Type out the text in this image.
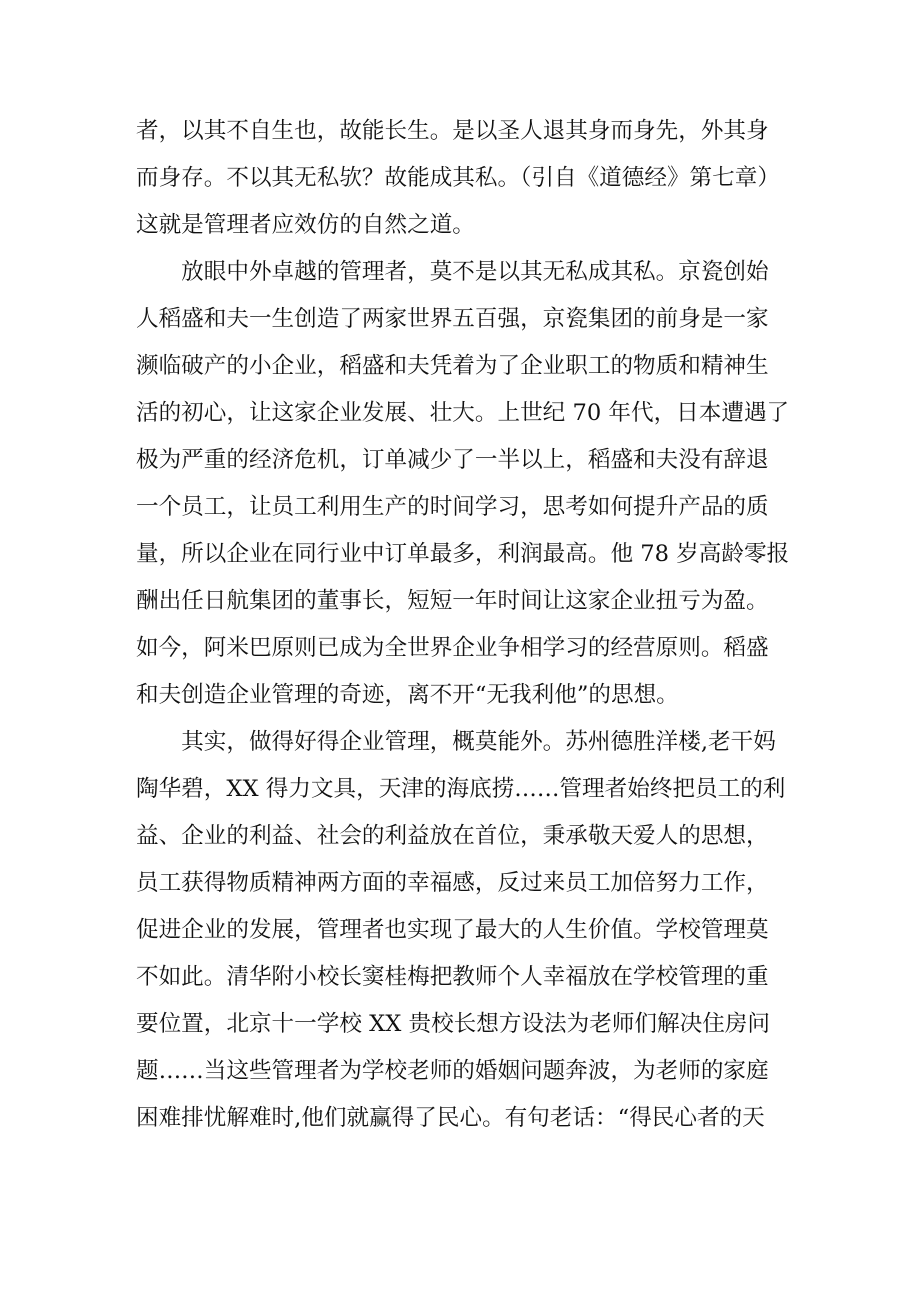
者，以其不自生也，故能长生。是以圣人退其身而身先，外其身
而身存。不以其无私欤？故能成其私。（引自《道德经》第七章）
这就是管理者应效仿的自然之道。
　　放眼中外卓越的管理者，莫不是以其无私成其私。京瓷创始
人稻盛和夫一生创造了两家世界五百强，京瓷集团的前身是一家
濒临破产的小企业，稻盛和夫凭着为了企业职工的物质和精神生
活的初心，让这家企业发展、壮大。上世纪 70 年代，日本遭遇了
极为严重的经济危机，订单减少了一半以上，稻盛和夫没有辞退
一个员工，让员工利用生产的时间学习，思考如何提升产品的质
量，所以企业在同行业中订单最多，利润最高。他 78 岁高龄零报
酬出任日航集团的董事长，短短一年时间让这家企业扭亏为盈。
如今，阿米巴原则已成为全世界企业争相学习的经营原则。稻盛
和夫创造企业管理的奇迹，离不开“无我利他”的思想。
　　其实，做得好得企业管理，概莫能外。苏州德胜洋楼,老干妈
陶华碧，XX 得力文具，天津的海底捞……管理者始终把员工的利
益、企业的利益、社会的利益放在首位，秉承敬天爱人的思想，
员工获得物质精神两方面的幸福感，反过来员工加倍努力工作，
促进企业的发展，管理者也实现了最大的人生价值。学校管理莫
不如此。清华附小校长窦桂梅把教师个人幸福放在学校管理的重
要位置，北京十一学校 XX 贵校长想方设法为老师们解决住房问
题……当这些管理者为学校老师的婚姻问题奔波，为老师的家庭
困难排忧解难时,他们就赢得了民心。有句老话：“得民心者的天
